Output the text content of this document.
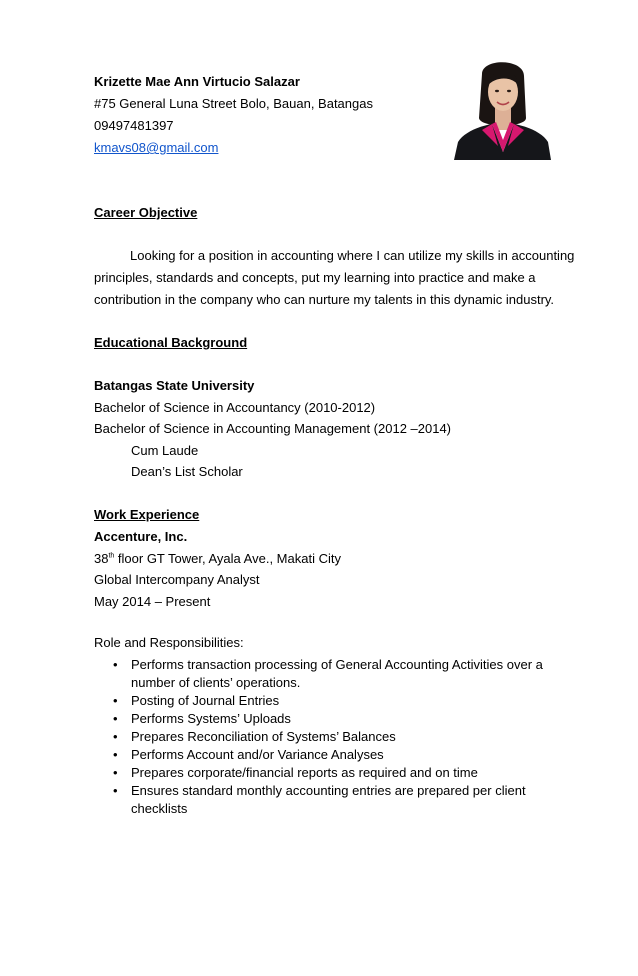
Krizette Mae Ann Virtucio Salazar
#75 General Luna Street Bolo, Bauan, Batangas
09497481397
kmavs08@gmail.com
Career Objective
Looking for a position in accounting where I can utilize my skills in accounting
principles, standards and concepts, put my learning into practice and make a
contribution in the company who can nurture my talents in this dynamic industry.
Educational Background
Batangas State University
Bachelor of Science in Accountancy (2010-2012)
Bachelor of Science in Accounting Management (2012 –2014)
Cum Laude
Dean’s List Scholar
Work Experience
Accenture, Inc.
38th floor GT Tower, Ayala Ave., Makati City
Global Intercompany Analyst
May 2014 – Present
Role and Responsibilities:
• Performs transaction processing of General Accounting Activities over a number of clients’ operations.
• Posting of Journal Entries
• Performs Systems’ Uploads
• Prepares Reconciliation of Systems’ Balances
• Performs Account and/or Variance Analyses
• Prepares corporate/financial reports as required and on time
• Ensures standard monthly accounting entries are prepared per client checklists
